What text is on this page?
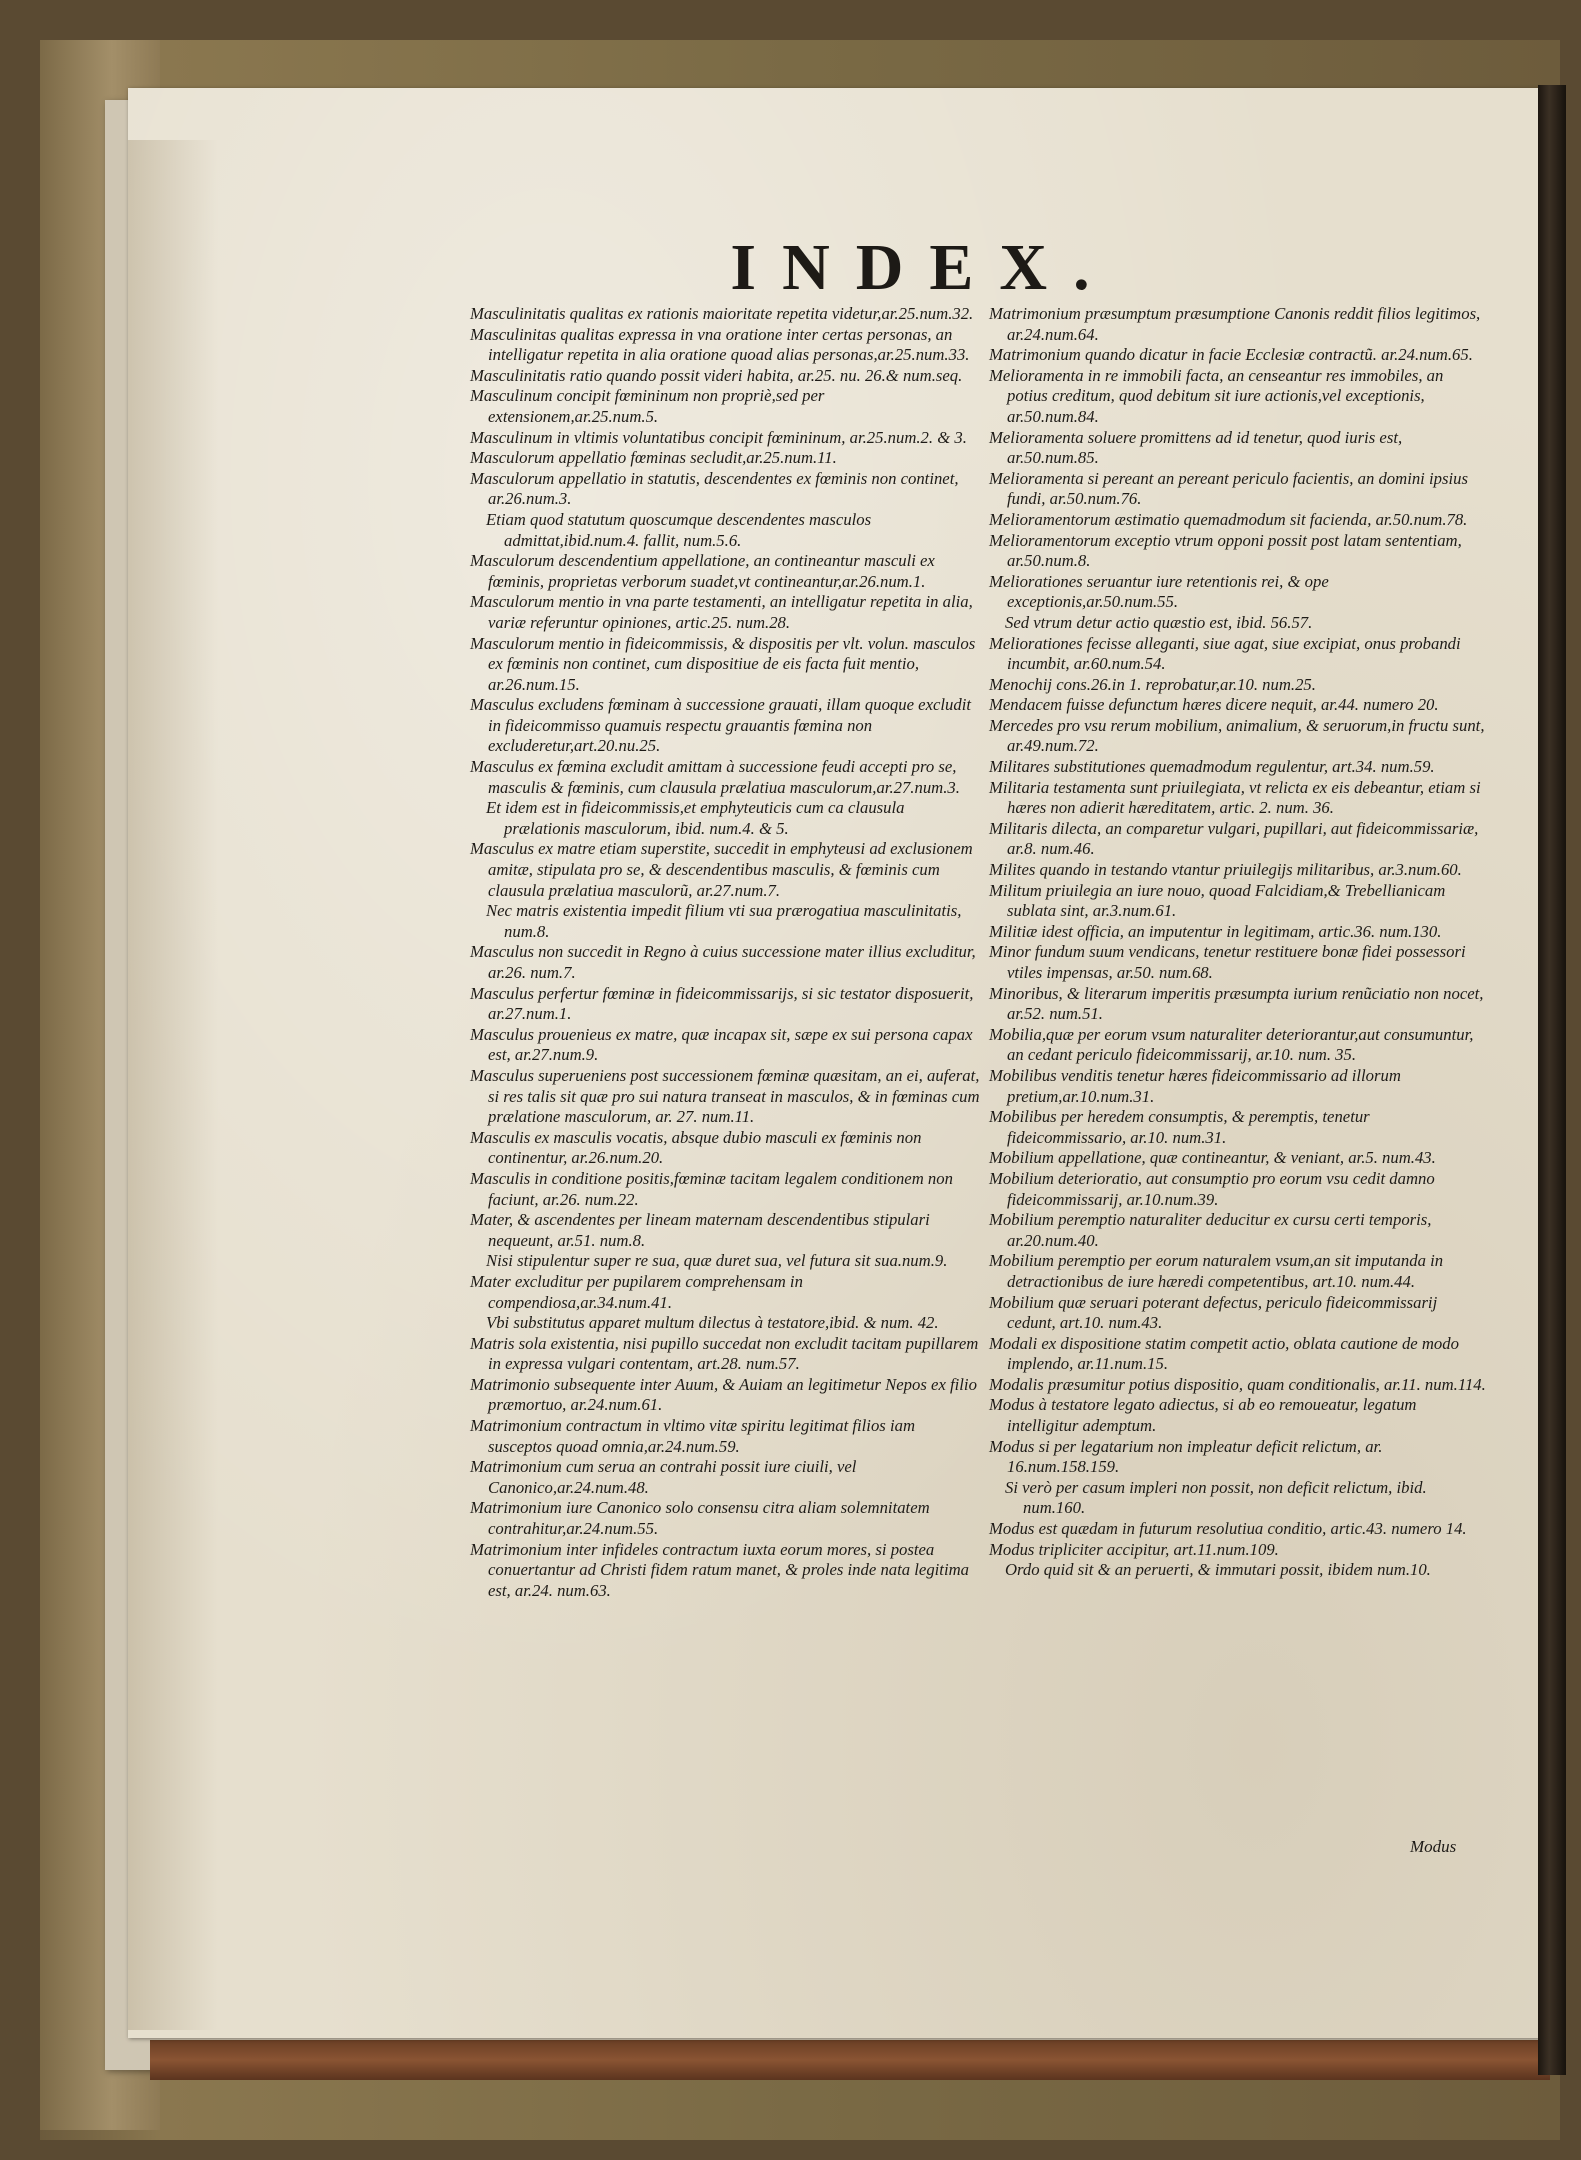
INDEX.

Masculinitatis qualitas ex rationis maioritate repetita videtur,ar.25.num.32.

Masculinitas qualitas expressa in vna oratione inter certas personas, an intelligatur repetita in alia oratione quoad alias personas,ar.25.num.33.

Masculinitatis ratio quando possit videri habita, ar.25. nu. 26.& num.seq.

Masculinum concipit fœmininum non propriè,sed per extensionem,ar.25.num.5.

Masculinum in vltimis voluntatibus concipit fœmininum, ar.25.num.2. & 3.

Masculorum appellatio fœminas secludit,ar.25.num.11.

Masculorum appellatio in statutis, descendentes ex fœminis non continet, ar.26.num.3.

Etiam quod statutum quoscumque descendentes masculos admittat,ibid.num.4. fallit, num.5.6.

Masculorum descendentium appellatione, an contineantur masculi ex fœminis, proprietas verborum suadet,vt contineantur,ar.26.num.1.

Masculorum mentio in vna parte testamenti, an intelligatur repetita in alia, variæ referuntur opiniones, artic.25. num.28.

Masculorum mentio in fideicommissis, & dispositis per vlt. volun. masculos ex fœminis non continet, cum dispositiue de eis facta fuit mentio, ar.26.num.15.

Masculus excludens fœminam à successione grauati, illam quoque excludit in fideicommisso quamuis respectu grauantis fœmina non excluderetur,art.20.nu.25.

Masculus ex fœmina excludit amittam à successione feudi accepti pro se, masculis & fœminis, cum clausula prælatiua masculorum,ar.27.num.3.

Et idem est in fideicommissis,et emphyteuticis cum ca clausula prælationis masculorum, ibid. num.4. & 5.

Masculus ex matre etiam superstite, succedit in emphyteusi ad exclusionem amitæ, stipulata pro se, & descendentibus masculis, & fœminis cum clausula prælatiua masculorũ, ar.27.num.7.

Nec matris existentia impedit filium vti sua prærogatiua masculinitatis, num.8.

Masculus non succedit in Regno à cuius successione mater illius excluditur, ar.26. num.7.

Masculus perfertur fœminæ in fideicommissarijs, si sic testator disposuerit, ar.27.num.1.

Masculus prouenieus ex matre, quæ incapax sit, sæpe ex sui persona capax est, ar.27.num.9.

Masculus superueniens post successionem fœminæ quæsitam, an ei, auferat, si res talis sit quæ pro sui natura transeat in masculos, & in fœminas cum prælatione masculorum, ar. 27. num.11.

Masculis ex masculis vocatis, absque dubio masculi ex fœminis non continentur, ar.26.num.20.

Masculis in conditione positis,fœminæ tacitam legalem conditionem non faciunt, ar.26. num.22.

Mater, & ascendentes per lineam maternam descendentibus stipulari nequeunt, ar.51. num.8.

Nisi stipulentur super re sua, quæ duret sua, vel futura sit sua.num.9.

Mater excluditur per pupilarem comprehensam in compendiosa,ar.34.num.41.

Vbi substitutus apparet multum dilectus à testatore,ibid. & num. 42.

Matris sola existentia, nisi pupillo succedat non excludit tacitam pupillarem in expressa vulgari contentam, art.28. num.57.

Matrimonio subsequente inter Auum, & Auiam an legitimetur Nepos ex filio præmortuo, ar.24.num.61.

Matrimonium contractum in vltimo vitæ spiritu legitimat filios iam susceptos quoad omnia,ar.24.num.59.

Matrimonium cum serua an contrahi possit iure ciuili, vel Canonico,ar.24.num.48.

Matrimonium iure Canonico solo consensu citra aliam solemnitatem contrahitur,ar.24.num.55.

Matrimonium inter infideles contractum iuxta eorum mores, si postea conuertantur ad Christi fidem ratum manet, & proles inde nata legitima est, ar.24. num.63.

Matrimonium præsumptum præsumptione Canonis reddit filios legitimos, ar.24.num.64.

Matrimonium quando dicatur in facie Ecclesiæ contractũ. ar.24.num.65.

Melioramenta in re immobili facta, an censeantur res immobiles, an potius creditum, quod debitum sit iure actionis,vel exceptionis, ar.50.num.84.

Melioramenta soluere promittens ad id tenetur, quod iuris est, ar.50.num.85.

Melioramenta si pereant an pereant periculo facientis, an domini ipsius fundi, ar.50.num.76.

Melioramentorum æstimatio quemadmodum sit facienda, ar.50.num.78.

Melioramentorum exceptio vtrum opponi possit post latam sententiam, ar.50.num.8.

Meliorationes seruantur iure retentionis rei, & ope exceptionis,ar.50.num.55.

Sed vtrum detur actio quæstio est, ibid. 56.57.

Meliorationes fecisse alleganti, siue agat, siue excipiat, onus probandi incumbit, ar.60.num.54.

Menochij cons.26.in 1. reprobatur,ar.10. num.25.

Mendacem fuisse defunctum hæres dicere nequit, ar.44. numero 20.

Mercedes pro vsu rerum mobilium, animalium, & seruorum,in fructu sunt, ar.49.num.72.

Militares substitutiones quemadmodum regulentur, art.34. num.59.

Militaria testamenta sunt priuilegiata, vt relicta ex eis debeantur, etiam si hæres non adierit hæreditatem, artic. 2. num. 36.

Militaris dilecta, an comparetur vulgari, pupillari, aut fideicommissariæ, ar.8. num.46.

Milites quando in testando vtantur priuilegijs militaribus, ar.3.num.60.

Militum priuilegia an iure nouo, quoad Falcidiam,& Trebellianicam sublata sint, ar.3.num.61.

Militiæ idest officia, an imputentur in legitimam, artic.36. num.130.

Minor fundum suum vendicans, tenetur restituere bonæ fidei possessori vtiles impensas, ar.50. num.68.

Minoribus, & literarum imperitis præsumpta iurium renũciatio non nocet, ar.52. num.51.

Mobilia,quæ per eorum vsum naturaliter deteriorantur,aut consumuntur, an cedant periculo fideicommissarij, ar.10. num. 35.

Mobilibus venditis tenetur hæres fideicommissario ad illorum pretium,ar.10.num.31.

Mobilibus per heredem consumptis, & peremptis, tenetur fideicommissario, ar.10. num.31.

Mobilium appellatione, quæ contineantur, & veniant, ar.5. num.43.

Mobilium deterioratio, aut consumptio pro eorum vsu cedit damno fideicommissarij, ar.10.num.39.

Mobilium peremptio naturaliter deducitur ex cursu certi temporis, ar.20.num.40.

Mobilium peremptio per eorum naturalem vsum,an sit imputanda in detractionibus de iure hæredi competentibus, art.10. num.44.

Mobilium quæ seruari poterant defectus, periculo fideicommissarij cedunt, art.10. num.43.

Modali ex dispositione statim competit actio, oblata cautione de modo implendo, ar.11.num.15.

Modalis præsumitur potius dispositio, quam conditionalis, ar.11. num.114.

Modus à testatore legato adiectus, si ab eo remoueatur, legatum intelligitur ademptum.

Modus si per legatarium non impleatur deficit relictum, ar. 16.num.158.159.

Si verò per casum impleri non possit, non deficit relictum, ibid. num.160.

Modus est quædam in futurum resolutiua conditio, artic.43. numero 14.

Modus tripliciter accipitur, art.11.num.109.

Ordo quid sit & an peruerti, & immutari possit, ibidem num.10.

Modus
